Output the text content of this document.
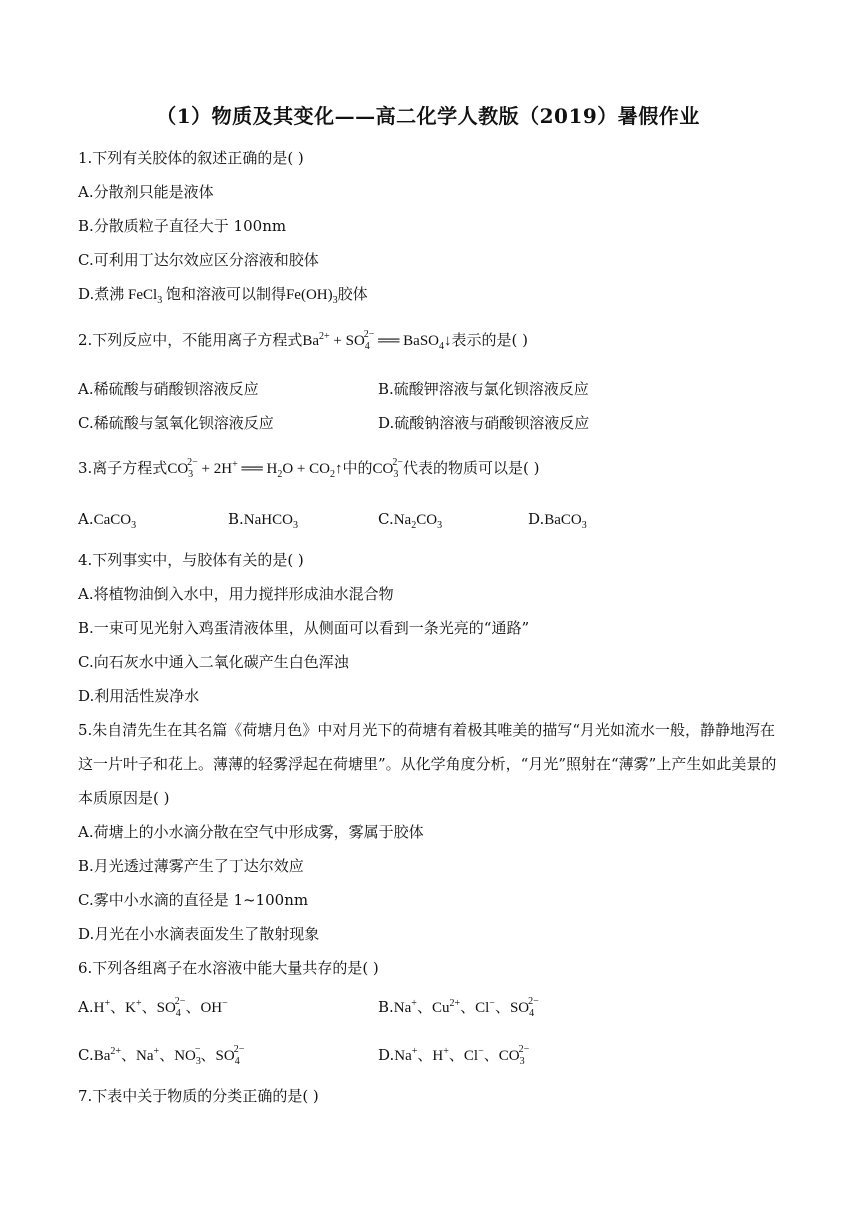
（1）物质及其变化——高二化学人教版（2019）暑假作业
1.下列有关胶体的叙述正确的是( )
A.分散剂只能是液体
B.分散质粒子直径大于 100nm
C.可利用丁达尔效应区分溶液和胶体
D.煮沸 FeCl$_3$ 饱和溶液可以制得$Fe(OH)_3$胶体
2.下列反应中，不能用离子方程式$Ba^{2+} + SO_4^{2-}$ ══ BaSO$_4$↓表示的是( )
A.稀硫酸与硝酸钡溶液反应	B.硫酸钾溶液与氯化钡溶液反应
C.稀硫酸与氢氧化钡溶液反应	D.硫酸钠溶液与硝酸钡溶液反应
3.离子方程式$CO_3^{2-} + 2H^+$ ══ $H_2O$ + $CO_2↑$中的$CO_3^{2-}$代表的物质可以是( )
A.CaCO$_3$	B.NaHCO$_3$	$C.Na_2CO_3$	D.BaCO$_3$
4.下列事实中，与胶体有关的是( )
A.将植物油倒入水中，用力搅拌形成油水混合物
B.一束可见光射入鸡蛋清液体里，从侧面可以看到一条光亮的“通路”
C.向石灰水中通入二氧化碳产生白色浑浊
D.利用活性炭净水
5.朱自清先生在其名篇《荷塘月色》中对月光下的荷塘有着极其唯美的描写“月光如流水一般，静静地泻在这一片叶子和花上。薄薄的轻雾浮起在荷塘里”。从化学角度分析，“月光”照射在“薄雾”上产生如此美景的本质原因是( )
A.荷塘上的小水滴分散在空气中形成雾，雾属于胶体
B.月光透过薄雾产生了丁达尔效应
C.雾中小水滴的直径是 1~100nm
D.月光在小水滴表面发生了散射现象
6.下列各组离子在水溶液中能大量共存的是( )
A.H+、K+、$SO_4^{2-}$、OH−	B.Na+、$Cu^{2+}$、Cl−、$SO_4^{2-}$
$C.Ba^{2+}$、Na+、$NO_3^-$、$SO_4^{2-}$	D.Na+、H+、Cl−、$CO_3^{2-}$
7.下表中关于物质的分类正确的是( )
